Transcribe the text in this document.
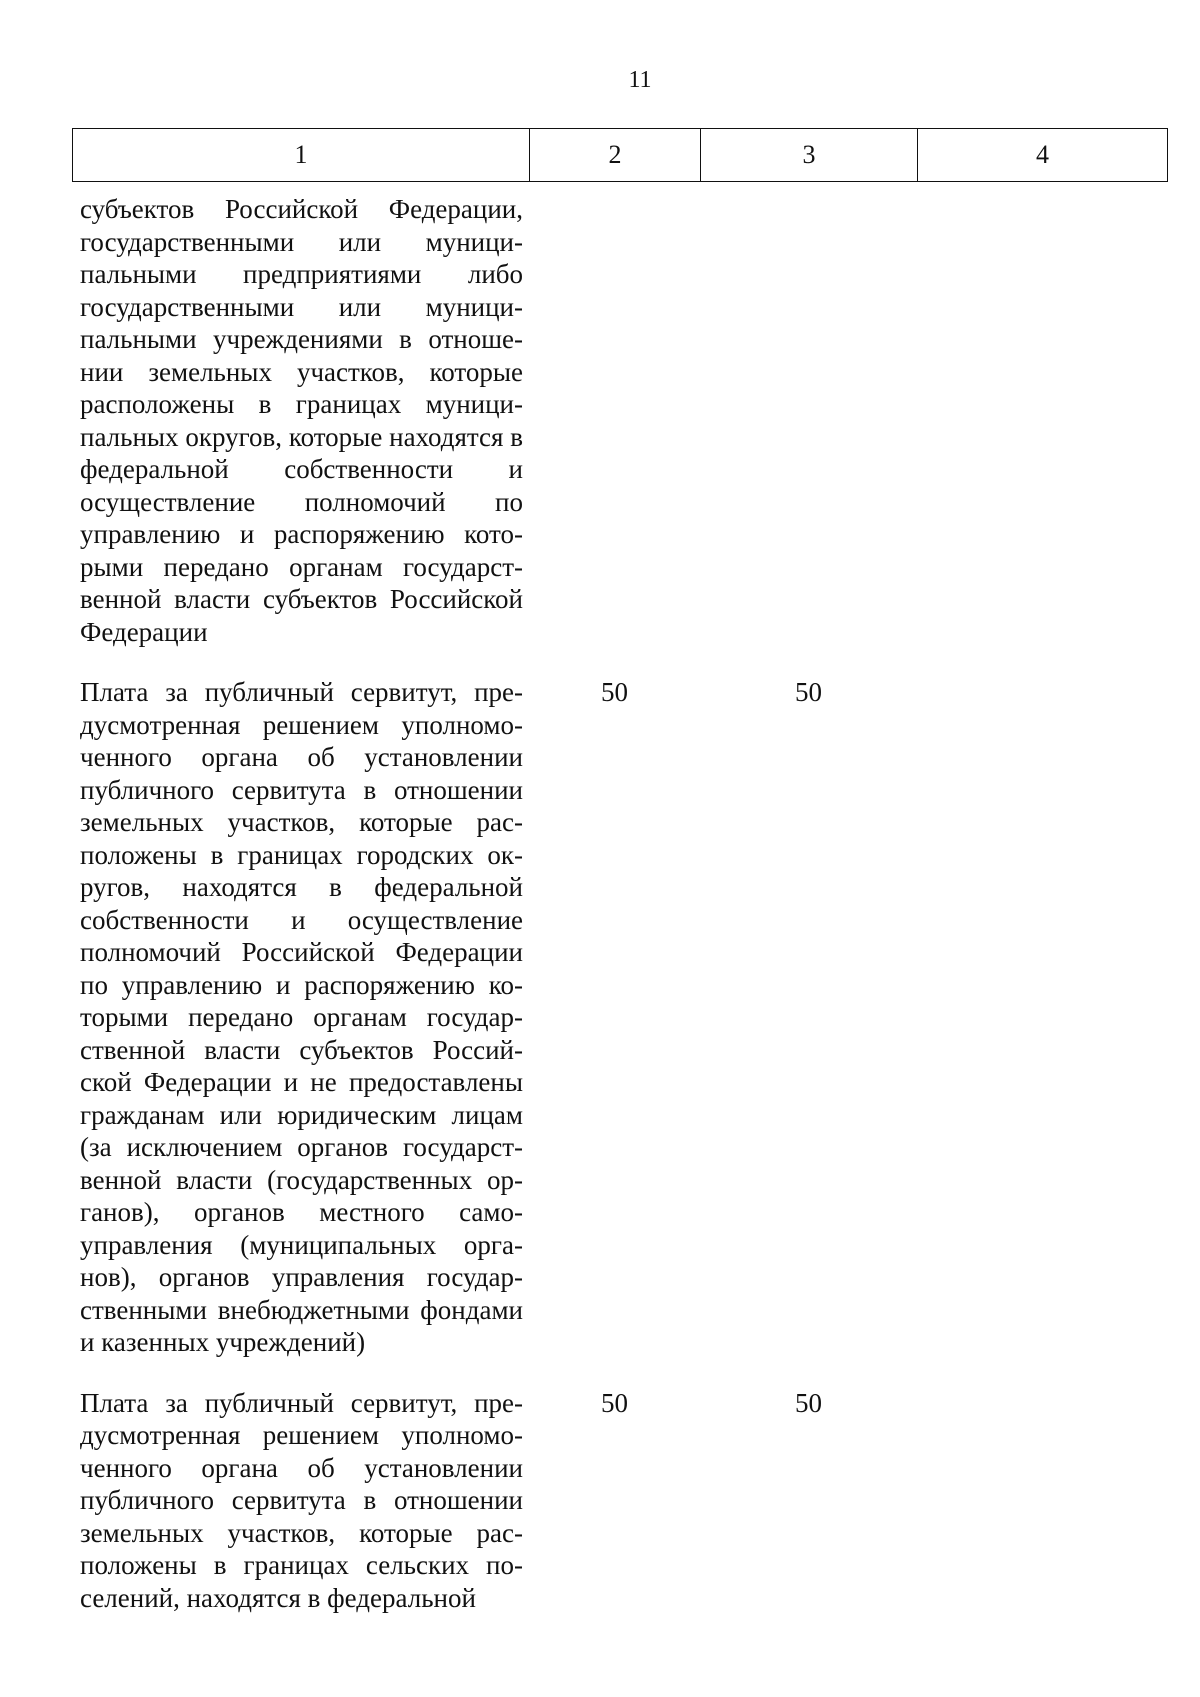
11
1	2	3	4
субъектов Российской Федерации, государственными или муниципальными предприятиями либо государственными или муниципальными учреждениями в отношении земельных участков, которые расположены в границах муниципальных округов, которые находятся в федеральной собственности и осуществление полномочий по управлению и распоряжению которыми передано органам государственной власти субъектов Российской Федерации			

Плата за публичный сервитут, предусмотренная решением уполномоченного органа об установлении публичного сервитута в отношении земельных участков, которые расположены в границах городских округов, находятся в федеральной собственности и осуществление полномочий Российской Федерации по управлению и распоряжению которыми передано органам государственной власти субъектов Российской Федерации и не предоставлены гражданам или юридическим лицам (за исключением органов государственной власти (государственных органов), органов местного самоуправления (муниципальных органов), органов управления государственными внебюджетными фондами и казенных учреждений)	50	50	

Плата за публичный сервитут, предусмотренная решением уполномоченного органа об установлении публичного сервитута в отношении земельных участков, которые расположены в границах сельских поселений, находятся в федеральной	50	50	
